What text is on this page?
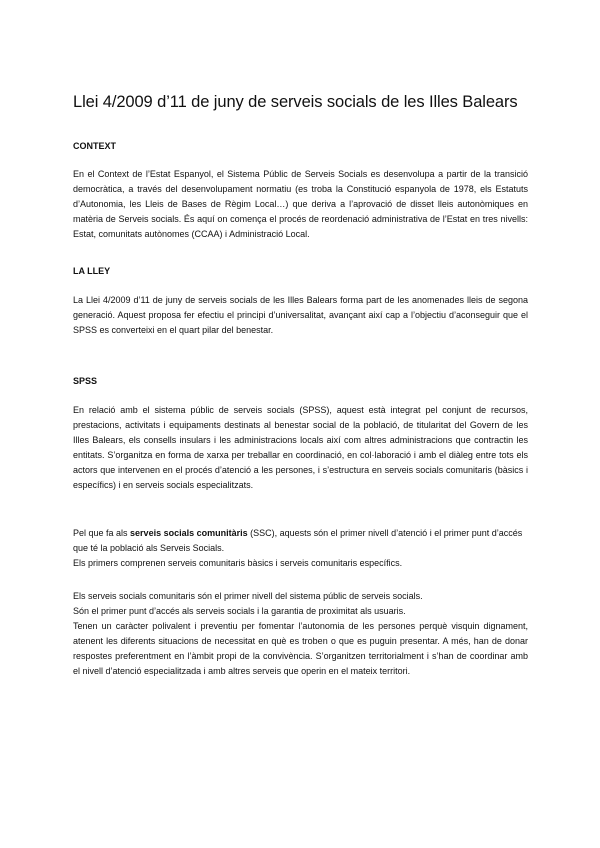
Llei 4/2009 d’11 de juny de serveis socials de les Illes Balears
CONTEXT

En el Context de l’Estat Espanyol, el Sistema Públic de Serveis Socials es desenvolupa a partir de la transició democràtica, a través del desenvolupament normatiu (es troba la Constitució espanyola de 1978, els Estatuts d’Autonomia, les Lleis de Bases de Règim Local…) que deriva a l’aprovació de disset lleis autonòmiques en matèria de Serveis socials. És aquí on comença el procés de reordenació administrativa de l’Estat en tres nivells: Estat, comunitats autònomes (CCAA) i Administració Local.

LA LLEY

La Llei 4/2009 d’11 de juny de serveis socials de les Illes Balears forma part de les anomenades lleis de segona generació. Aquest proposa fer efectiu el principi d’universalitat, avançant així cap a l’objectiu d’aconseguir que el SPSS es converteixi en el quart pilar del benestar.

SPSS

En relació amb el sistema públic de serveis socials (SPSS), aquest està integrat pel conjunt de recursos, prestacions, activitats i equipaments destinats al benestar social de la població, de titularitat del Govern de les Illes Balears, els consells insulars i les administracions locals així com altres administracions que contractin les entitats. S’organitza en forma de xarxa per treballar en coordinació, en col·laboració i amb el diàleg entre tots els actors que intervenen en el procés d’atenció a les persones, i s’estructura en serveis socials comunitaris (bàsics i específics) i en serveis socials especialitzats.

Pel que fa als serveis socials comunitàris (SSC), aquests són el primer nivell d’atenció i el primer punt d’accés que té la població als Serveis Socials.
Els primers comprenen serveis comunitaris bàsics i serveis comunitaris específics.

Els serveis socials comunitaris són el primer nivell del sistema públic de serveis socials.
Són el primer punt d’accés als serveis socials i la garantia de proximitat als usuaris.

Tenen un caràcter polivalent i preventiu per fomentar l’autonomia de les persones perquè visquin dignament, atenent les diferents situacions de necessitat en què es troben o que es puguin presentar. A més, han de donar respostes preferentment en l’àmbit propi de la convivència. S’organitzen territorialment i s’han de coordinar amb el nivell d’atenció especialitzada i amb altres serveis que operin en el mateix territori.
